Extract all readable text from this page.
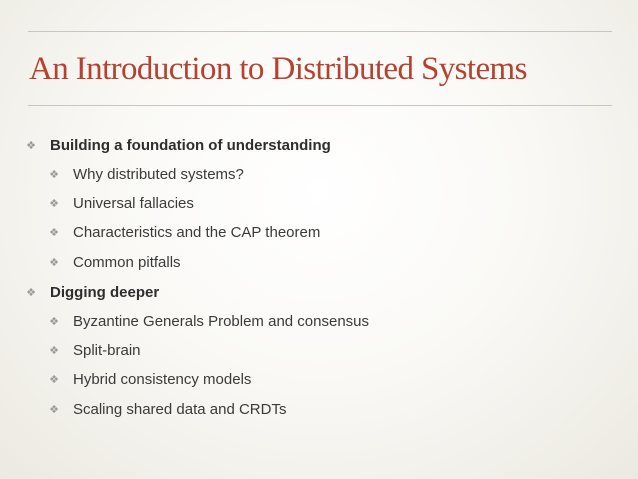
An Introduction to Distributed Systems
❖ Building a foundation of understanding
❖ Why distributed systems?
❖ Universal fallacies
❖ Characteristics and the CAP theorem
❖ Common pitfalls
❖ Digging deeper
❖ Byzantine Generals Problem and consensus
❖ Split-brain
❖ Hybrid consistency models
❖ Scaling shared data and CRDTs
